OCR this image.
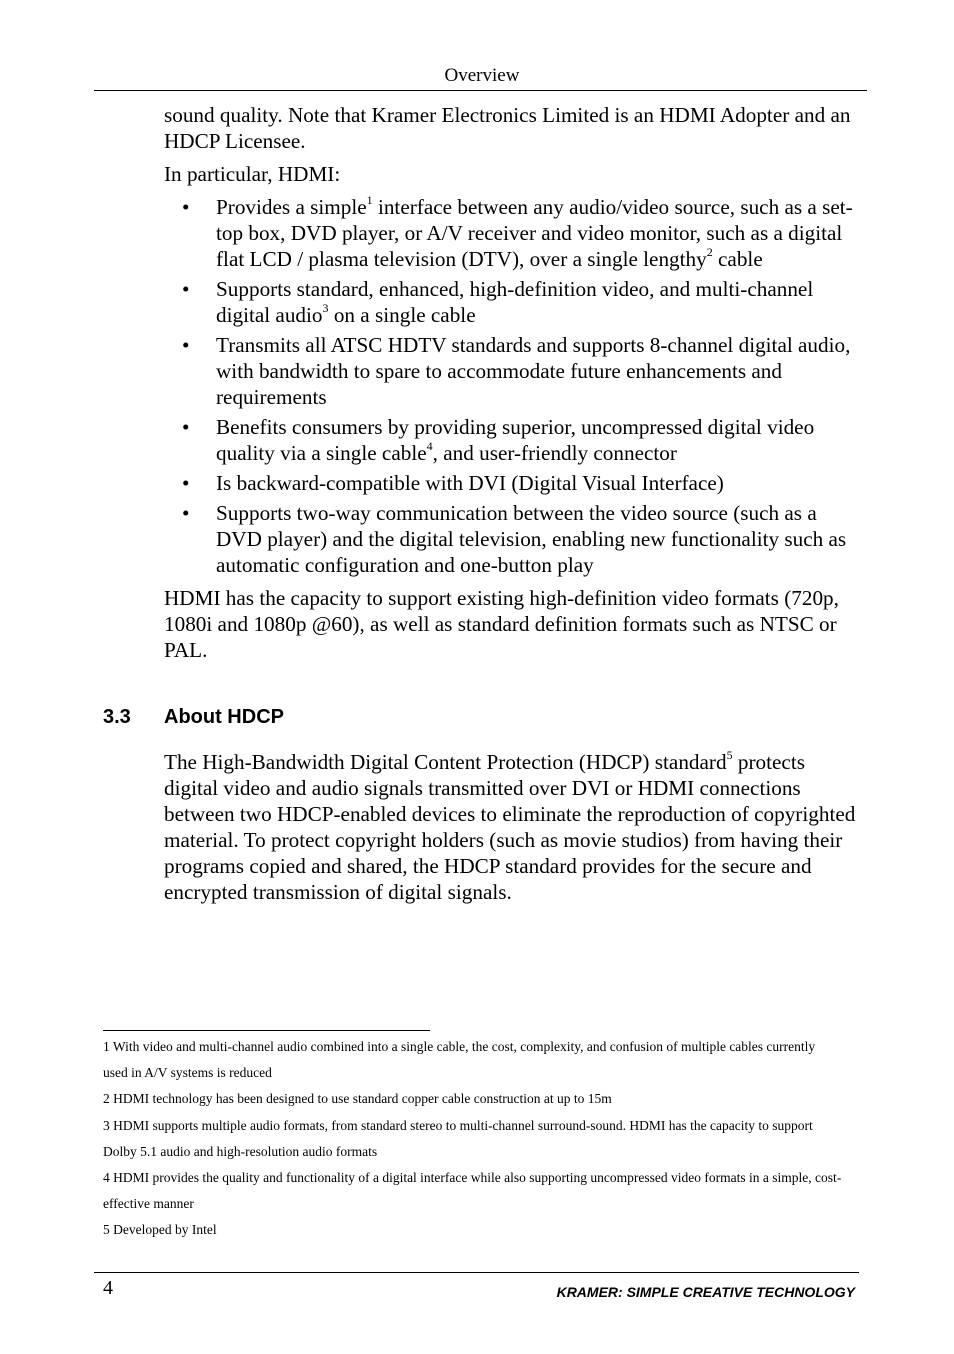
Overview

sound quality. Note that Kramer Electronics Limited is an HDMI Adopter and an HDCP Licensee.

In particular, HDMI:

• Provides a simple$^1$ interface between any audio/video source, such as a set-top box, DVD player, or A/V receiver and video monitor, such as a digital flat LCD / plasma television (DTV), over a single lengthy$^2$ cable
• Supports standard, enhanced, high-definition video, and multi-channel digital audio$^3$ on a single cable
• Transmits all ATSC HDTV standards and supports 8-channel digital audio, with bandwidth to spare to accommodate future enhancements and requirements
• Benefits consumers by providing superior, uncompressed digital video quality via a single cable$^4$, and user-friendly connector
• Is backward-compatible with DVI (Digital Visual Interface)
• Supports two-way communication between the video source (such as a DVD player) and the digital television, enabling new functionality such as automatic configuration and one-button play

HDMI has the capacity to support existing high-definition video formats (720p, 1080i and 1080p @60), as well as standard definition formats such as NTSC or PAL.

3.3 About HDCP

The High-Bandwidth Digital Content Protection (HDCP) standard$^5$ protects digital video and audio signals transmitted over DVI or HDMI connections between two HDCP-enabled devices to eliminate the reproduction of copyrighted material. To protect copyright holders (such as movie studios) from having their programs copied and shared, the HDCP standard provides for the secure and encrypted transmission of digital signals.

1 With video and multi-channel audio combined into a single cable, the cost, complexity, and confusion of multiple cables currently used in A/V systems is reduced

2 HDMI technology has been designed to use standard copper cable construction at up to 15m

3 HDMI supports multiple audio formats, from standard stereo to multi-channel surround-sound. HDMI has the capacity to support Dolby 5.1 audio and high-resolution audio formats

4 HDMI provides the quality and functionality of a digital interface while also supporting uncompressed video formats in a simple, cost-effective manner

5 Developed by Intel

4	KRAMER: SIMPLE CREATIVE TECHNOLOGY
